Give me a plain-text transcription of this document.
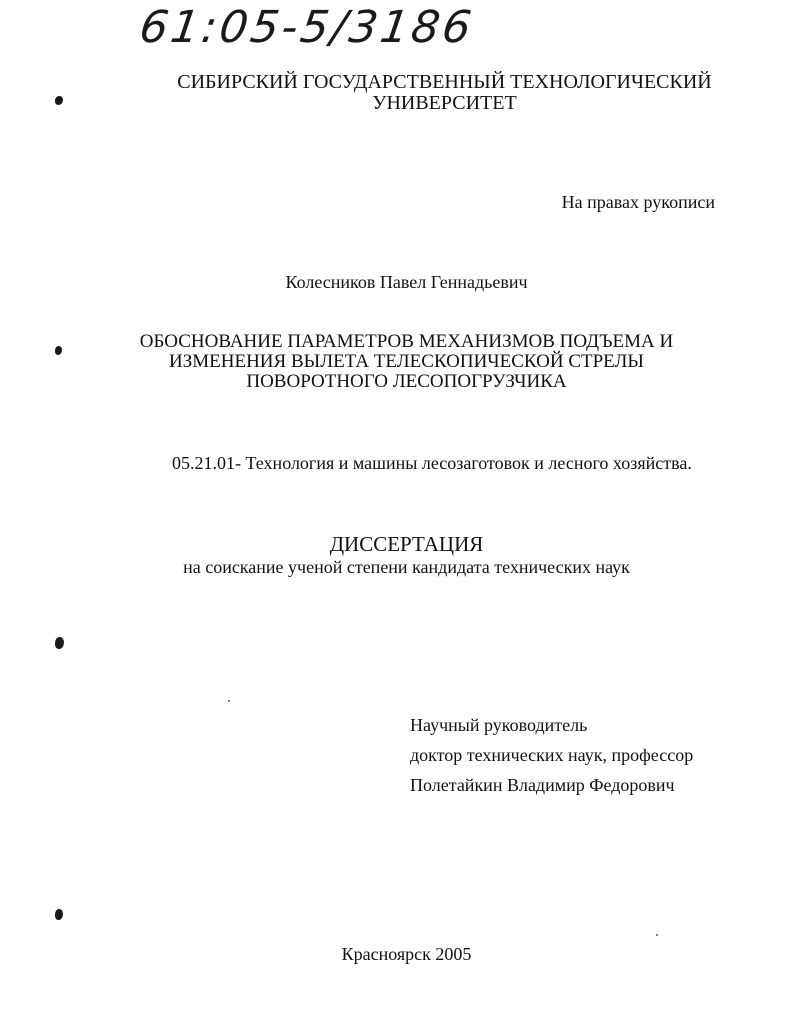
61:05-5/3186
СИБИРСКИЙ ГОСУДАРСТВЕННЫЙ ТЕХНОЛОГИЧЕСКИЙ
УНИВЕРСИТЕТ
На правах рукописи
Колесников Павел Геннадьевич
ОБОСНОВАНИЕ ПАРАМЕТРОВ МЕХАНИЗМОВ ПОДЪЕМА И
ИЗМЕНЕНИЯ ВЫЛЕТА ТЕЛЕСКОПИЧЕСКОЙ СТРЕЛЫ
ПОВОРОТНОГО ЛЕСОПОГРУЗЧИКА
05.21.01- Технология и машины лесозаготовок и лесного хозяйства.
ДИССЕРТАЦИЯ
на соискание ученой степени кандидата технических наук
Научный руководитель
доктор технических наук, профессор
Полетайкин Владимир Федорович
Красноярск 2005
